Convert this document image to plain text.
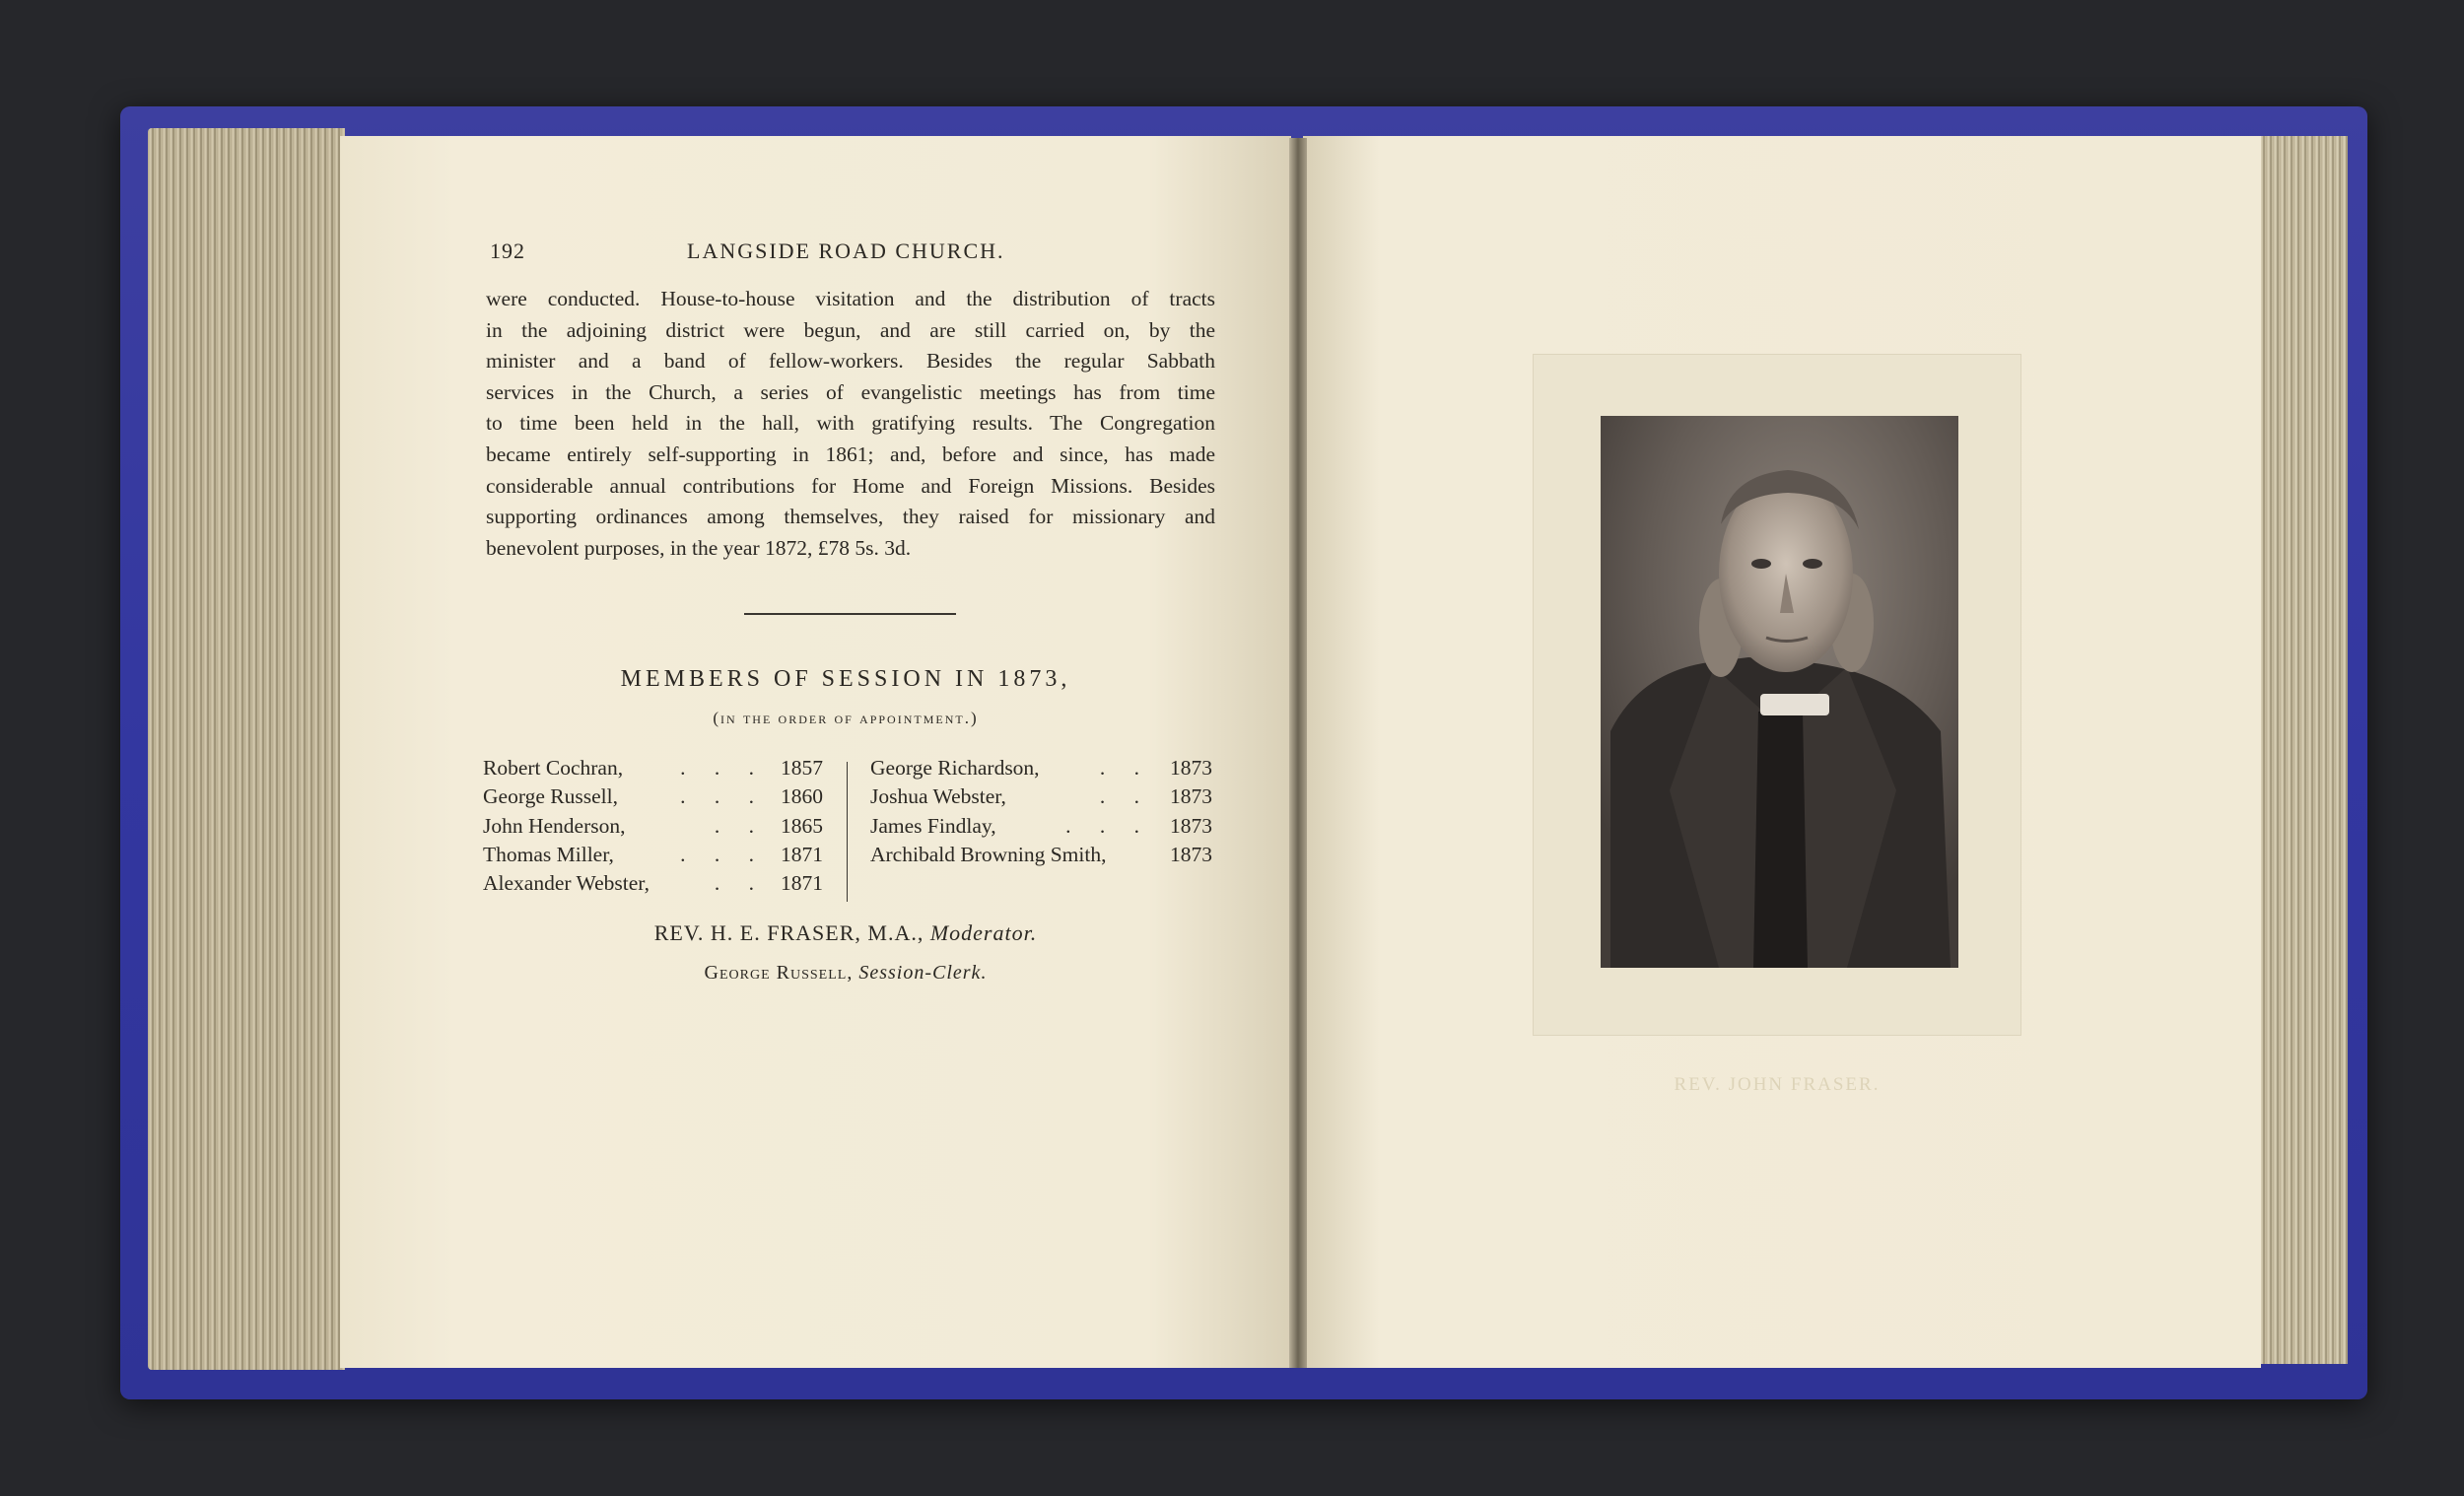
192	LANGSIDE ROAD CHURCH.
were conducted. House-to-house visitation and the distribution of tracts
in the adjoining district were begun, and are still carried on, by the
minister and a band of fellow-workers. Besides the regular Sabbath
services in the Church, a series of evangelistic meetings has from time
to time been held in the hall, with gratifying results. The Congregation
became entirely self-supporting in 1861; and, before and since, has made
considerable annual contributions for Home and Foreign Missions. Besides
supporting ordinances among themselves, they raised for missionary and
benevolent purposes, in the year 1872, £78 5s. 3d.
MEMBERS OF SESSION IN 1873,
(in the order of appointment.)
Robert Cochran,	. . . 1857
George Russell,	. . . 1860
John Henderson,	. . 1865
Thomas Miller,	. . . 1871
Alexander Webster,	. . 1871
George Richardson,	. . 1873
Joshua Webster,	. . 1873
James Findlay,	. . . 1873
Archibald Browning Smith,	1873
REV. H. E. FRASER, M.A., Moderator.
George Russell, Session-Clerk.
REV. JOHN FRASER.
